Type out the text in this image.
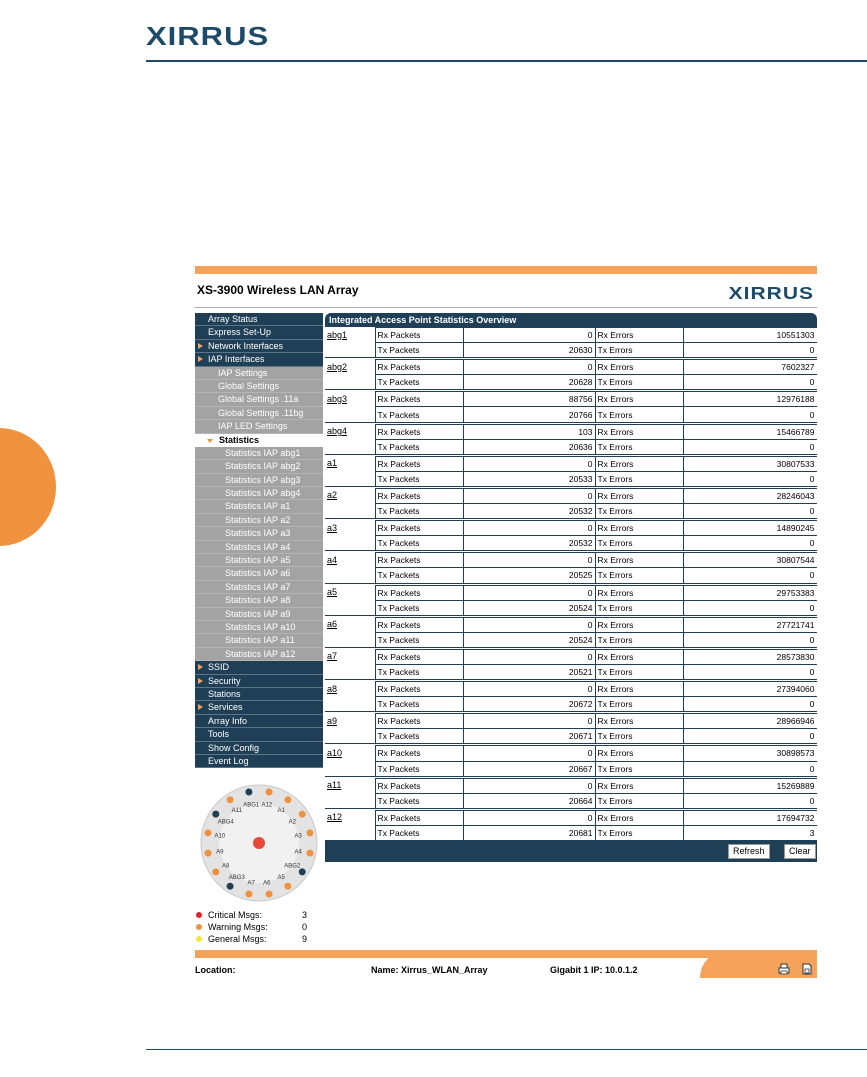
XIRRUS
XS-3900 Wireless LAN Array	XIRRUS
Array Status
Express Set-Up
Network Interfaces
IAP Interfaces
IAP Settings
Global Settings
Global Settings .11a
Global Settings .11bg
IAP LED Settings
Statistics
Statistics IAP abg1
Statistics IAP abg2
Statistics IAP abg3
Statistics IAP abg4
Statistics IAP a1
Statistics IAP a2
Statistics IAP a3
Statistics IAP a4
Statistics IAP a5
Statistics IAP a6
Statistics IAP a7
Statistics IAP a8
Statistics IAP a9
Statistics IAP a10
Statistics IAP a11
Statistics IAP a12
SSID
Security
Stations
Services
Array Info
Tools
Show Config
Event Log
A12
A1
A2
A3
A4
ABG2
A5
A6
A7
ABG3
A8
A9
A10
ABG4
A11
ABG1
Critical Msgs:	3
Warning Msgs:	0
General Msgs:	9
Integrated Access Point Statistics Overview
abg1	Rx Packets	0	Rx Errors	10551303
	Tx Packets	20630	Tx Errors	0

abg2	Rx Packets	0	Rx Errors	7602327
	Tx Packets	20628	Tx Errors	0

abg3	Rx Packets	88756	Rx Errors	12976188
	Tx Packets	20766	Tx Errors	0

abg4	Rx Packets	103	Rx Errors	15466789
	Tx Packets	20636	Tx Errors	0

a1	Rx Packets	0	Rx Errors	30807533
	Tx Packets	20533	Tx Errors	0

a2	Rx Packets	0	Rx Errors	28246043
	Tx Packets	20532	Tx Errors	0

a3	Rx Packets	0	Rx Errors	14890245
	Tx Packets	20532	Tx Errors	0

a4	Rx Packets	0	Rx Errors	30807544
	Tx Packets	20525	Tx Errors	0

a5	Rx Packets	0	Rx Errors	29753383
	Tx Packets	20524	Tx Errors	0

a6	Rx Packets	0	Rx Errors	27721741
	Tx Packets	20524	Tx Errors	0

a7	Rx Packets	0	Rx Errors	28573830
	Tx Packets	20521	Tx Errors	0

a8	Rx Packets	0	Rx Errors	27394060
	Tx Packets	20672	Tx Errors	0

a9	Rx Packets	0	Rx Errors	28966946
	Tx Packets	20671	Tx Errors	0

a10	Rx Packets	0	Rx Errors	30898573
	Tx Packets	20667	Tx Errors	0

a11	Rx Packets	0	Rx Errors	15269889
	Tx Packets	20664	Tx Errors	0

a12	Rx Packets	0	Rx Errors	17694732
	Tx Packets	20681	Tx Errors	3
Refresh	Clear
Location:	Name: Xirrus_WLAN_Array	Gigabit 1 IP: 10.0.1.2
